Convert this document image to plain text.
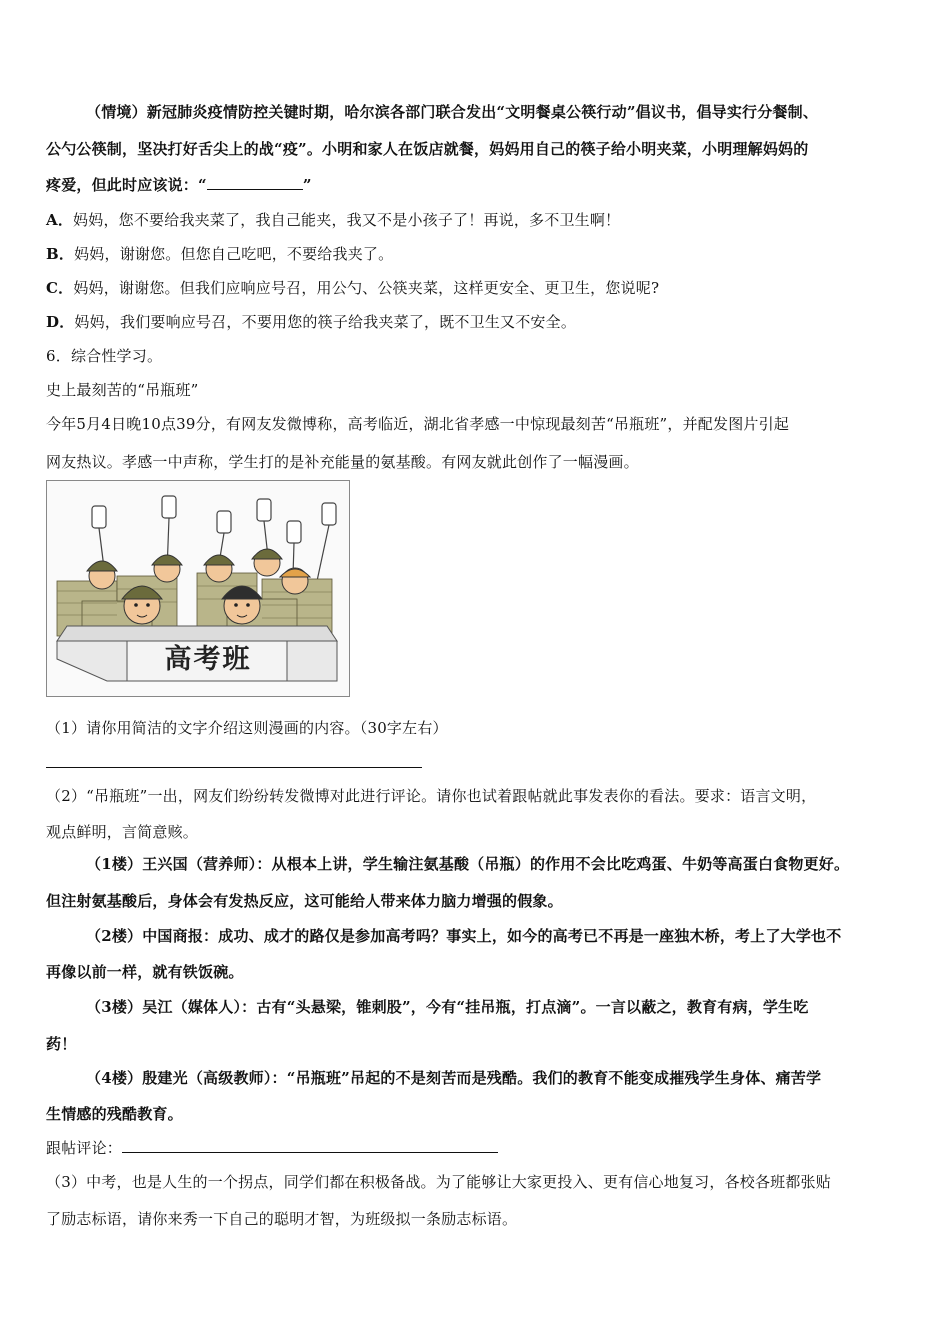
（情境）新冠肺炎疫情防控关键时期，哈尔滨各部门联合发出“文明餐桌公筷行动”倡议书，倡导实行分餐制、
公勺公筷制，坚决打好舌尖上的战“疫”。小明和家人在饭店就餐，妈妈用自己的筷子给小明夹菜，小明理解妈妈的
疼爱，但此时应该说：“	”
A．妈妈，您不要给我夹菜了，我自己能夹，我又不是小孩子了！再说，多不卫生啊！
B．妈妈，谢谢您。但您自己吃吧，不要给我夹了。
C．妈妈，谢谢您。但我们应响应号召，用公勺、公筷夹菜，这样更安全、更卫生，您说呢?
D．妈妈，我们要响应号召，不要用您的筷子给我夹菜了，既不卫生又不安全。
6．综合性学习。
史上最刻苦的“吊瓶班”
今年5月4日晚10点39分，有网友发微博称，高考临近，湖北省孝感一中惊现最刻苦“吊瓶班”，并配发图片引起
网友热议。孝感一中声称，学生打的是补充能量的氨基酸。有网友就此创作了一幅漫画。
高考班
（1）请你用简洁的文字介绍这则漫画的内容。（30字左右）
（2）“吊瓶班”一出，网友们纷纷转发微博对此进行评论。请你也试着跟帖就此事发表你的看法。要求：语言文明，
观点鲜明，言简意赅。
（1楼）王兴国（营养师）：从根本上讲，学生输注氨基酸（吊瓶）的作用不会比吃鸡蛋、牛奶等高蛋白食物更好。
但注射氨基酸后，身体会有发热反应，这可能给人带来体力脑力增强的假象。
（2楼）中国商报：成功、成才的路仅是参加高考吗？事实上，如今的高考已不再是一座独木桥，考上了大学也不
再像以前一样，就有铁饭碗。
（3楼）吴江（媒体人）：古有“头悬梁，锥刺股”，今有“挂吊瓶，打点滴”。一言以蔽之，教育有病，学生吃
药！
（4楼）殷建光（高级教师）：“吊瓶班”吊起的不是刻苦而是残酷。我们的教育不能变成摧残学生身体、痛苦学
生情感的残酷教育。
跟帖评论：
（3）中考，也是人生的一个拐点，同学们都在积极备战。为了能够让大家更投入、更有信心地复习，各校各班都张贴
了励志标语，请你来秀一下自己的聪明才智，为班级拟一条励志标语。
